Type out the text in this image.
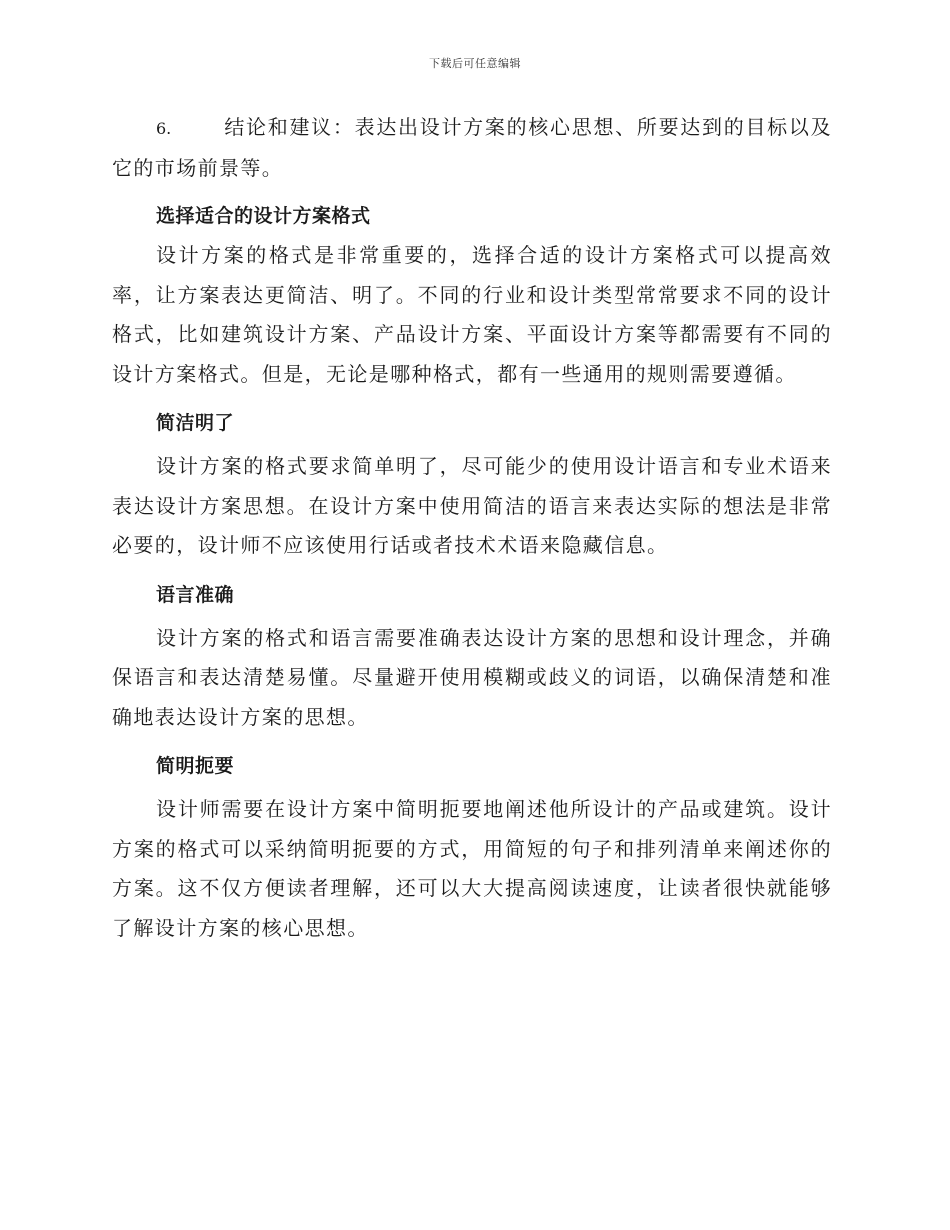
下载后可任意编辑

6.	结论和建议：表达出设计方案的核心思想、所要达到的目标以及它的市场前景等。

选择适合的设计方案格式

设计方案的格式是非常重要的，选择合适的设计方案格式可以提高效率，让方案表达更简洁、明了。不同的行业和设计类型常常要求不同的设计格式，比如建筑设计方案、产品设计方案、平面设计方案等都需要有不同的设计方案格式。但是，无论是哪种格式，都有一些通用的规则需要遵循。

简洁明了

设计方案的格式要求简单明了，尽可能少的使用设计语言和专业术语来表达设计方案思想。在设计方案中使用简洁的语言来表达实际的想法是非常必要的，设计师不应该使用行话或者技术术语来隐藏信息。

语言准确

设计方案的格式和语言需要准确表达设计方案的思想和设计理念，并确保语言和表达清楚易懂。尽量避开使用模糊或歧义的词语，以确保清楚和准确地表达设计方案的思想。

简明扼要

设计师需要在设计方案中简明扼要地阐述他所设计的产品或建筑。设计方案的格式可以采纳简明扼要的方式，用简短的句子和排列清单来阐述你的方案。这不仅方便读者理解，还可以大大提高阅读速度，让读者很快就能够了解设计方案的核心思想。
